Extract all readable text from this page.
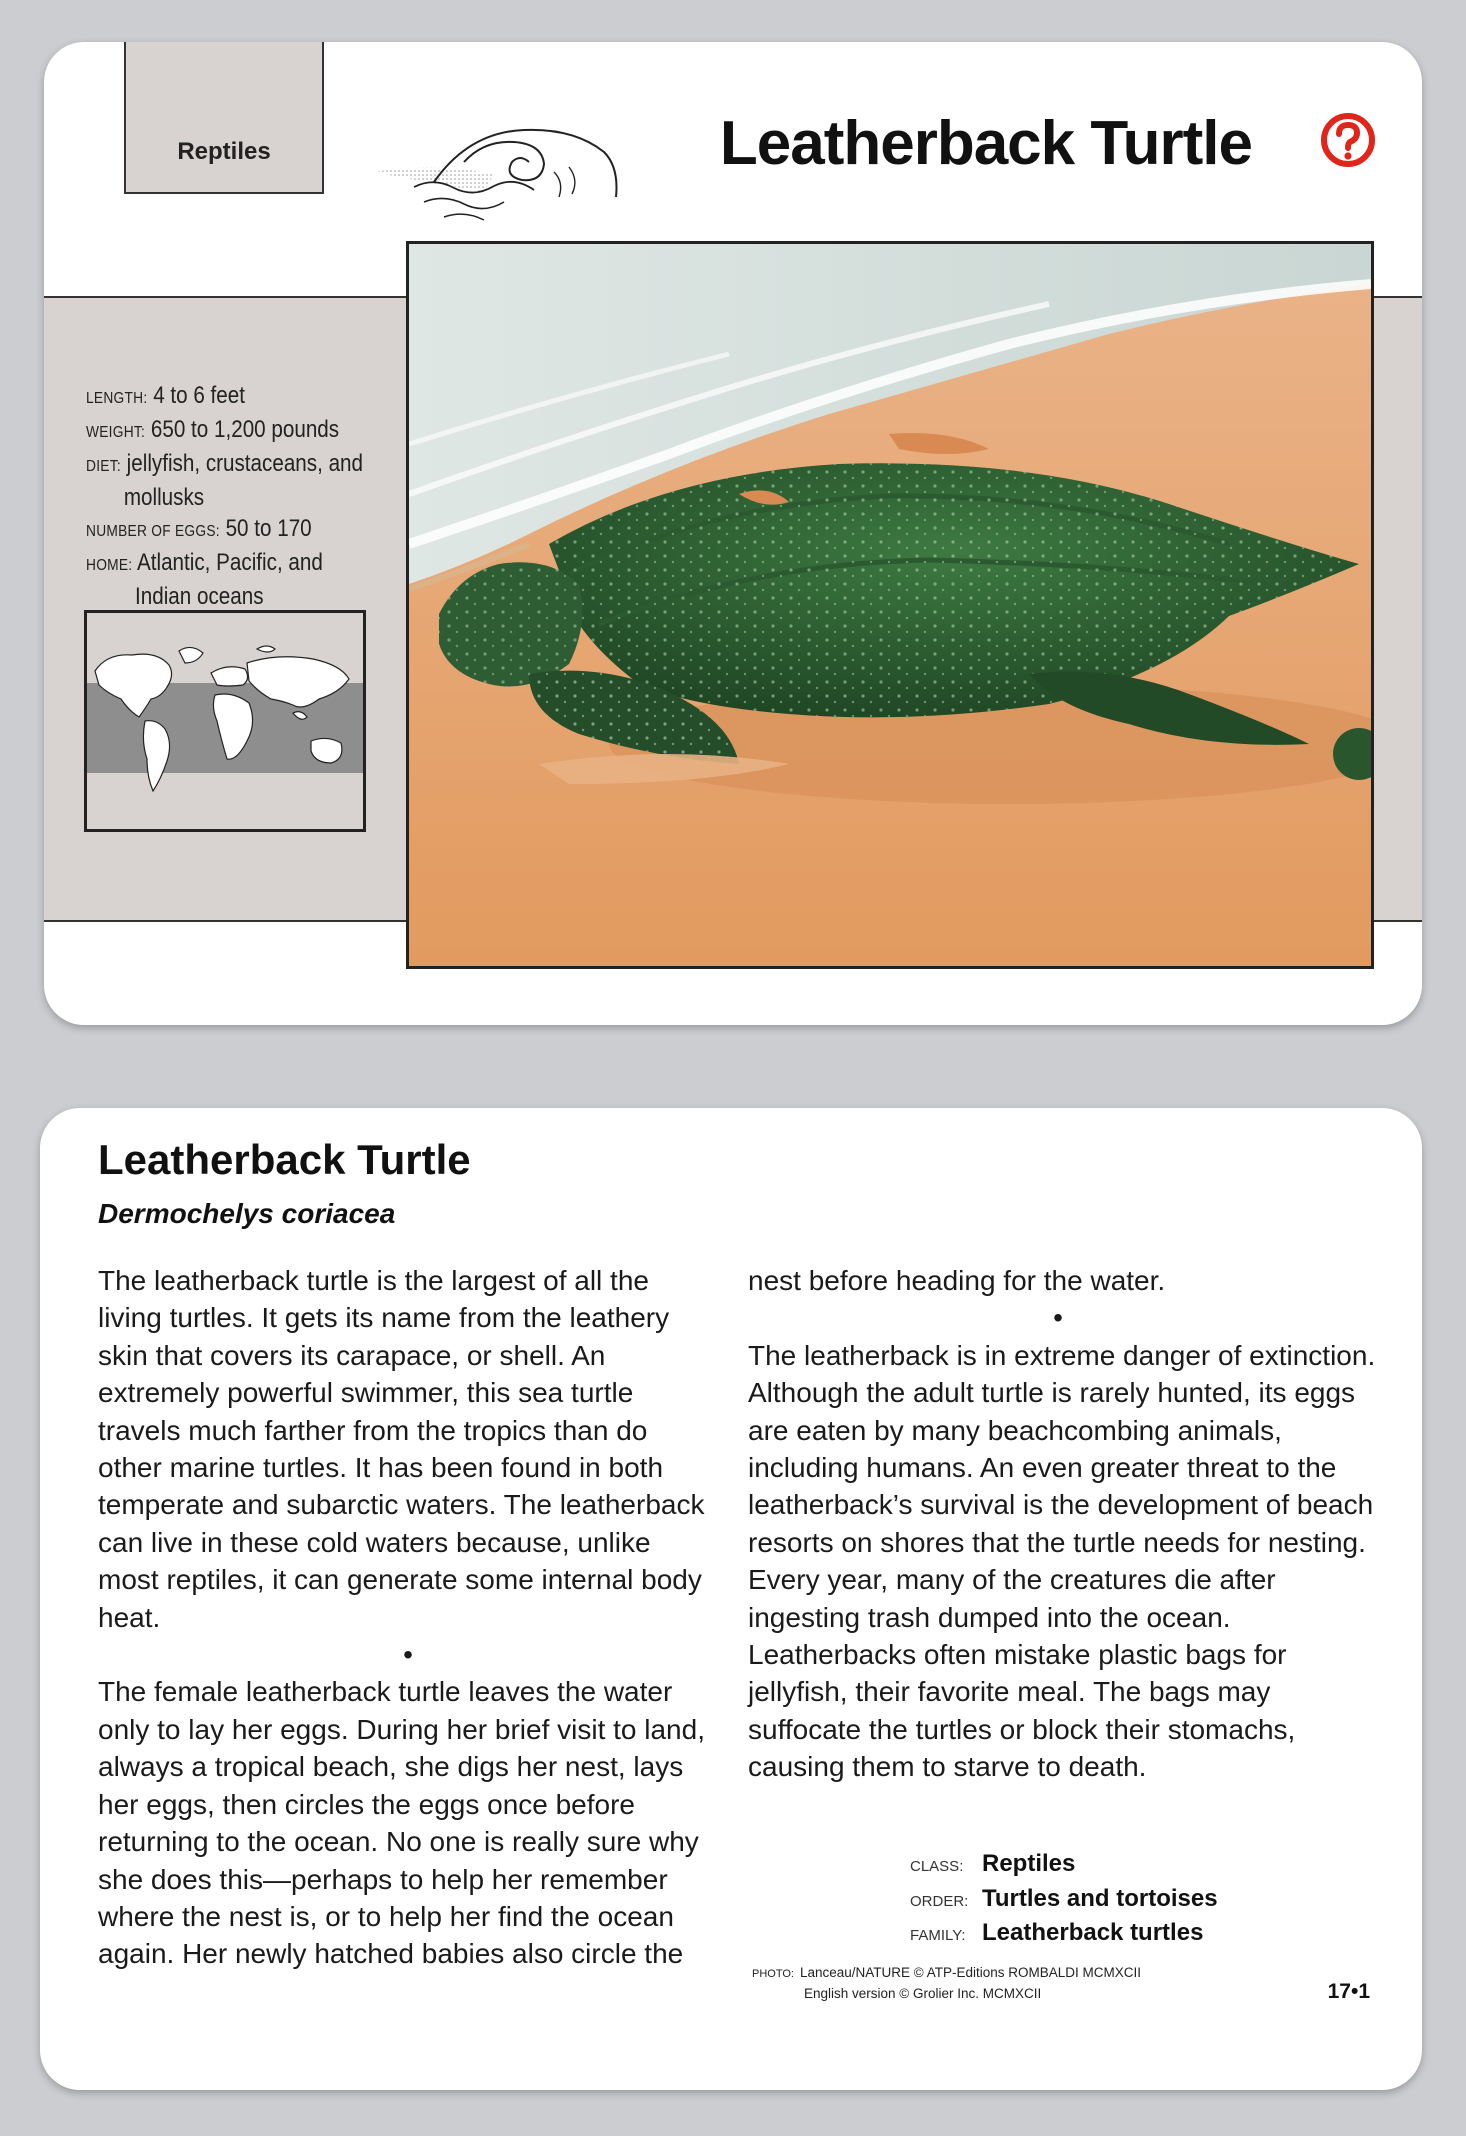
Reptiles	Leatherback Turtle
LENGTH: 4 to 6 feet
WEIGHT: 650 to 1,200 pounds
DIET: jellyfish, crustaceans, and
mollusks
NUMBER OF EGGS: 50 to 170
HOME: Atlantic, Pacific, and
Indian oceans
Leatherback Turtle
Dermochelys coriacea

The leatherback turtle is the largest of all the living turtles. It gets its name from the leathery skin that covers its carapace, or shell. An extremely powerful swimmer, this sea turtle travels much farther from the tropics than do other marine turtles. It has been found in both temperate and subarctic waters. The leatherback can live in these cold waters because, unlike most reptiles, it can generate some internal body heat.

•

The female leatherback turtle leaves the water only to lay her eggs. During her brief visit to land, always a tropical beach, she digs her nest, lays her eggs, then circles the eggs once before returning to the ocean. No one is really sure why she does this—perhaps to help her remember where the nest is, or to help her find the ocean again. Her newly hatched babies also circle the

nest before heading for the water.

•

The leatherback is in extreme danger of extinction. Although the adult turtle is rarely hunted, its eggs are eaten by many beachcombing animals, including humans. An even greater threat to the leatherback’s survival is the development of beach resorts on shores that the turtle needs for nesting. Every year, many of the creatures die after ingesting trash dumped into the ocean. Leatherbacks often mistake plastic bags for jellyfish, their favorite meal. The bags may suffocate the turtles or block their stomachs, causing them to starve to death.

CLASS: Reptiles
ORDER: Turtles and tortoises
FAMILY: Leatherback turtles
PHOTO: Lanceau/NATURE © ATP-Editions ROMBALDI MCMXCII
English version © Grolier Inc. MCMXCII	17•1
